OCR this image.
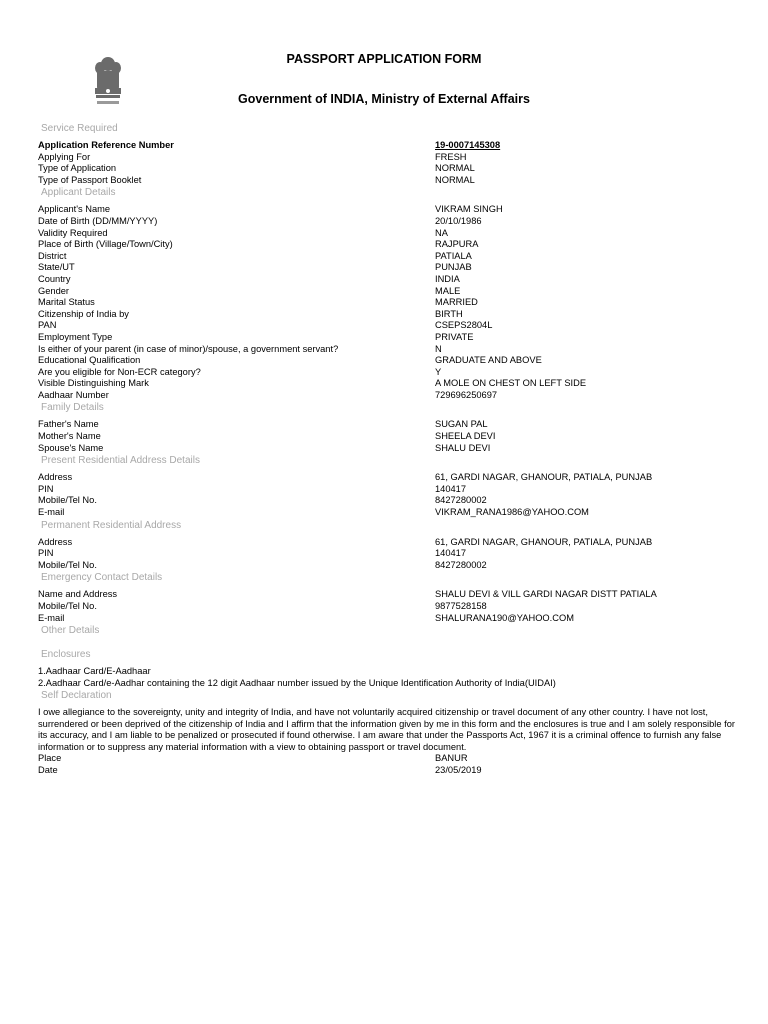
PASSPORT APPLICATION FORM
Government of INDIA, Ministry of External Affairs
Service Required
Application Reference Number	19-0007145308
Applying For	FRESH
Type of Application	NORMAL
Type of Passport Booklet	NORMAL
Applicant Details
Applicant's Name	VIKRAM SINGH
Date of Birth (DD/MM/YYYY)	20/10/1986
Validity Required	NA
Place of Birth (Village/Town/City)	RAJPURA
District	PATIALA
State/UT	PUNJAB
Country	INDIA
Gender	MALE
Marital Status	MARRIED
Citizenship of India by	BIRTH
PAN	CSEPS2804L
Employment Type	PRIVATE
Is either of your parent (in case of minor)/spouse, a government servant?	N
Educational Qualification	GRADUATE AND ABOVE
Are you eligible for Non-ECR category?	Y
Visible Distinguishing Mark	A MOLE ON CHEST ON LEFT SIDE
Aadhaar Number	729696250697
Family Details
Father's Name	SUGAN PAL
Mother's Name	SHEELA DEVI
Spouse's Name	SHALU DEVI
Present Residential Address Details
Address	61, GARDI NAGAR, GHANOUR, PATIALA, PUNJAB
PIN	140417
Mobile/Tel No.	8427280002
E-mail	VIKRAM_RANA1986@YAHOO.COM
Permanent Residential Address
Address	61, GARDI NAGAR, GHANOUR, PATIALA, PUNJAB
PIN	140417
Mobile/Tel No.	8427280002
Emergency Contact Details
Name and Address	SHALU DEVI & VILL GARDI NAGAR DISTT PATIALA
Mobile/Tel No.	9877528158
E-mail	SHALURANA190@YAHOO.COM
Other Details
Enclosures
1.Aadhaar Card/E-Aadhaar
2.Aadhaar Card/e-Aadhar containing the 12 digit Aadhaar number issued by the Unique Identification Authority of India(UIDAI)
Self Declaration
I owe allegiance to the sovereignty, unity and integrity of India, and have not voluntarily acquired citizenship or travel document of any other country. I have not lost, surrendered or been deprived of the citizenship of India and I affirm that the information given by me in this form and the enclosures is true and I am solely responsible for its accuracy, and I am liable to be penalized or prosecuted if found otherwise. I am aware that under the Passports Act, 1967 it is a criminal offence to furnish any false information or to suppress any material information with a view to obtaining passport or travel document.
Place	BANUR
Date	23/05/2019
